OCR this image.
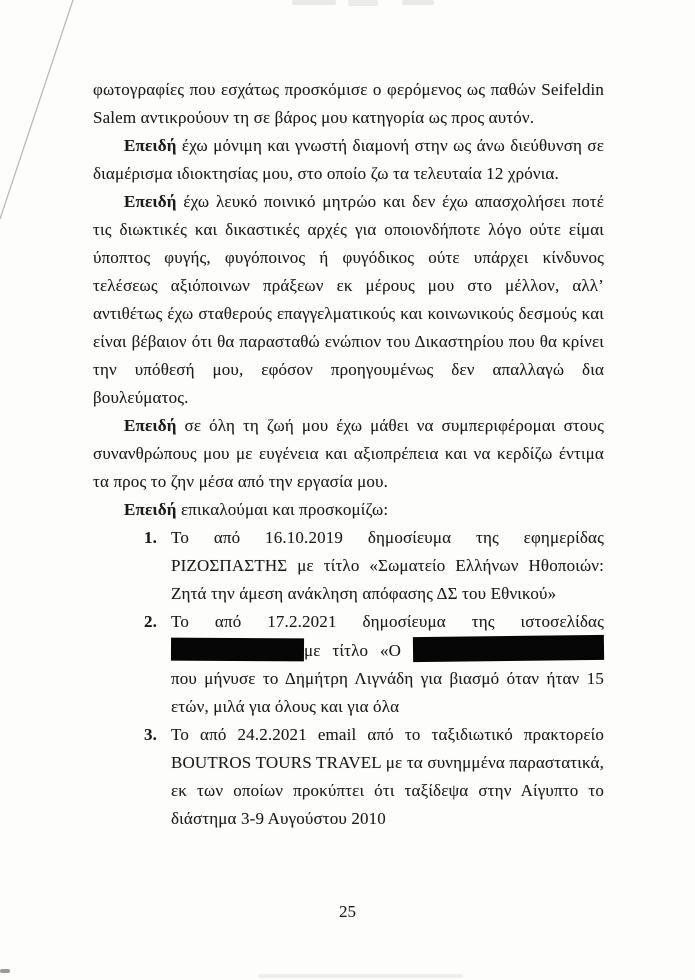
φωτογραφίες που εσχάτως προσκόμισε ο φερόμενος ως παθών Seifeldin Salem αντικρούουν τη σε βάρος μου κατηγορία ως προς αυτόν.

Επειδή έχω μόνιμη και γνωστή διαμονή στην ως άνω διεύθυνση σε διαμέρισμα ιδιοκτησίας μου, στο οποίο ζω τα τελευταία 12 χρόνια.

Επειδή έχω λευκό ποινικό μητρώο και δεν έχω απασχολήσει ποτέ τις διωκτικές και δικαστικές αρχές για οποιονδήποτε λόγο ούτε είμαι ύποπτος φυγής, φυγόποινος ή φυγόδικος ούτε υπάρχει κίνδυνος τελέσεως αξιόποινων πράξεων εκ μέρους μου στο μέλλον, αλλ’ αντιθέτως έχω σταθερούς επαγγελματικούς και κοινωνικούς δεσμούς και είναι βέβαιον ότι θα παρασταθώ ενώπιον του Δικαστηρίου που θα κρίνει την υπόθεσή μου, εφόσον προηγουμένως δεν απαλλαγώ δια βουλεύματος.

Επειδή σε όλη τη ζωή μου έχω μάθει να συμπεριφέρομαι στους συνανθρώπους μου με ευγένεια και αξιοπρέπεια και να κερδίζω έντιμα τα προς το ζην μέσα από την εργασία μου.

Επειδή επικαλούμαι και προσκομίζω:

1. Το από 16.10.2019 δημοσίευμα της εφημερίδας ΡΙΖΟΣΠΑΣΤΗΣ με τίτλο «Σωματείο Ελλήνων Ηθοποιών: Ζητά την άμεση ανάκληση απόφασης ΔΣ του Εθνικού»
2. Το από 17.2.2021 δημοσίευμα της ιστοσελίδας με τίτλο «Ο  που μήνυσε το Δημήτρη Λιγνάδη για βιασμό όταν ήταν 15 ετών, μιλά για όλους και για όλα
3. Το από 24.2.2021 email από το ταξιδιωτικό πρακτορείο BOUTROS TOURS TRAVEL με τα συνημμένα παραστατικά, εκ των οποίων προκύπτει ότι ταξίδεψα στην Αίγυπτο το διάστημα 3-9 Αυγούστου 2010
25
